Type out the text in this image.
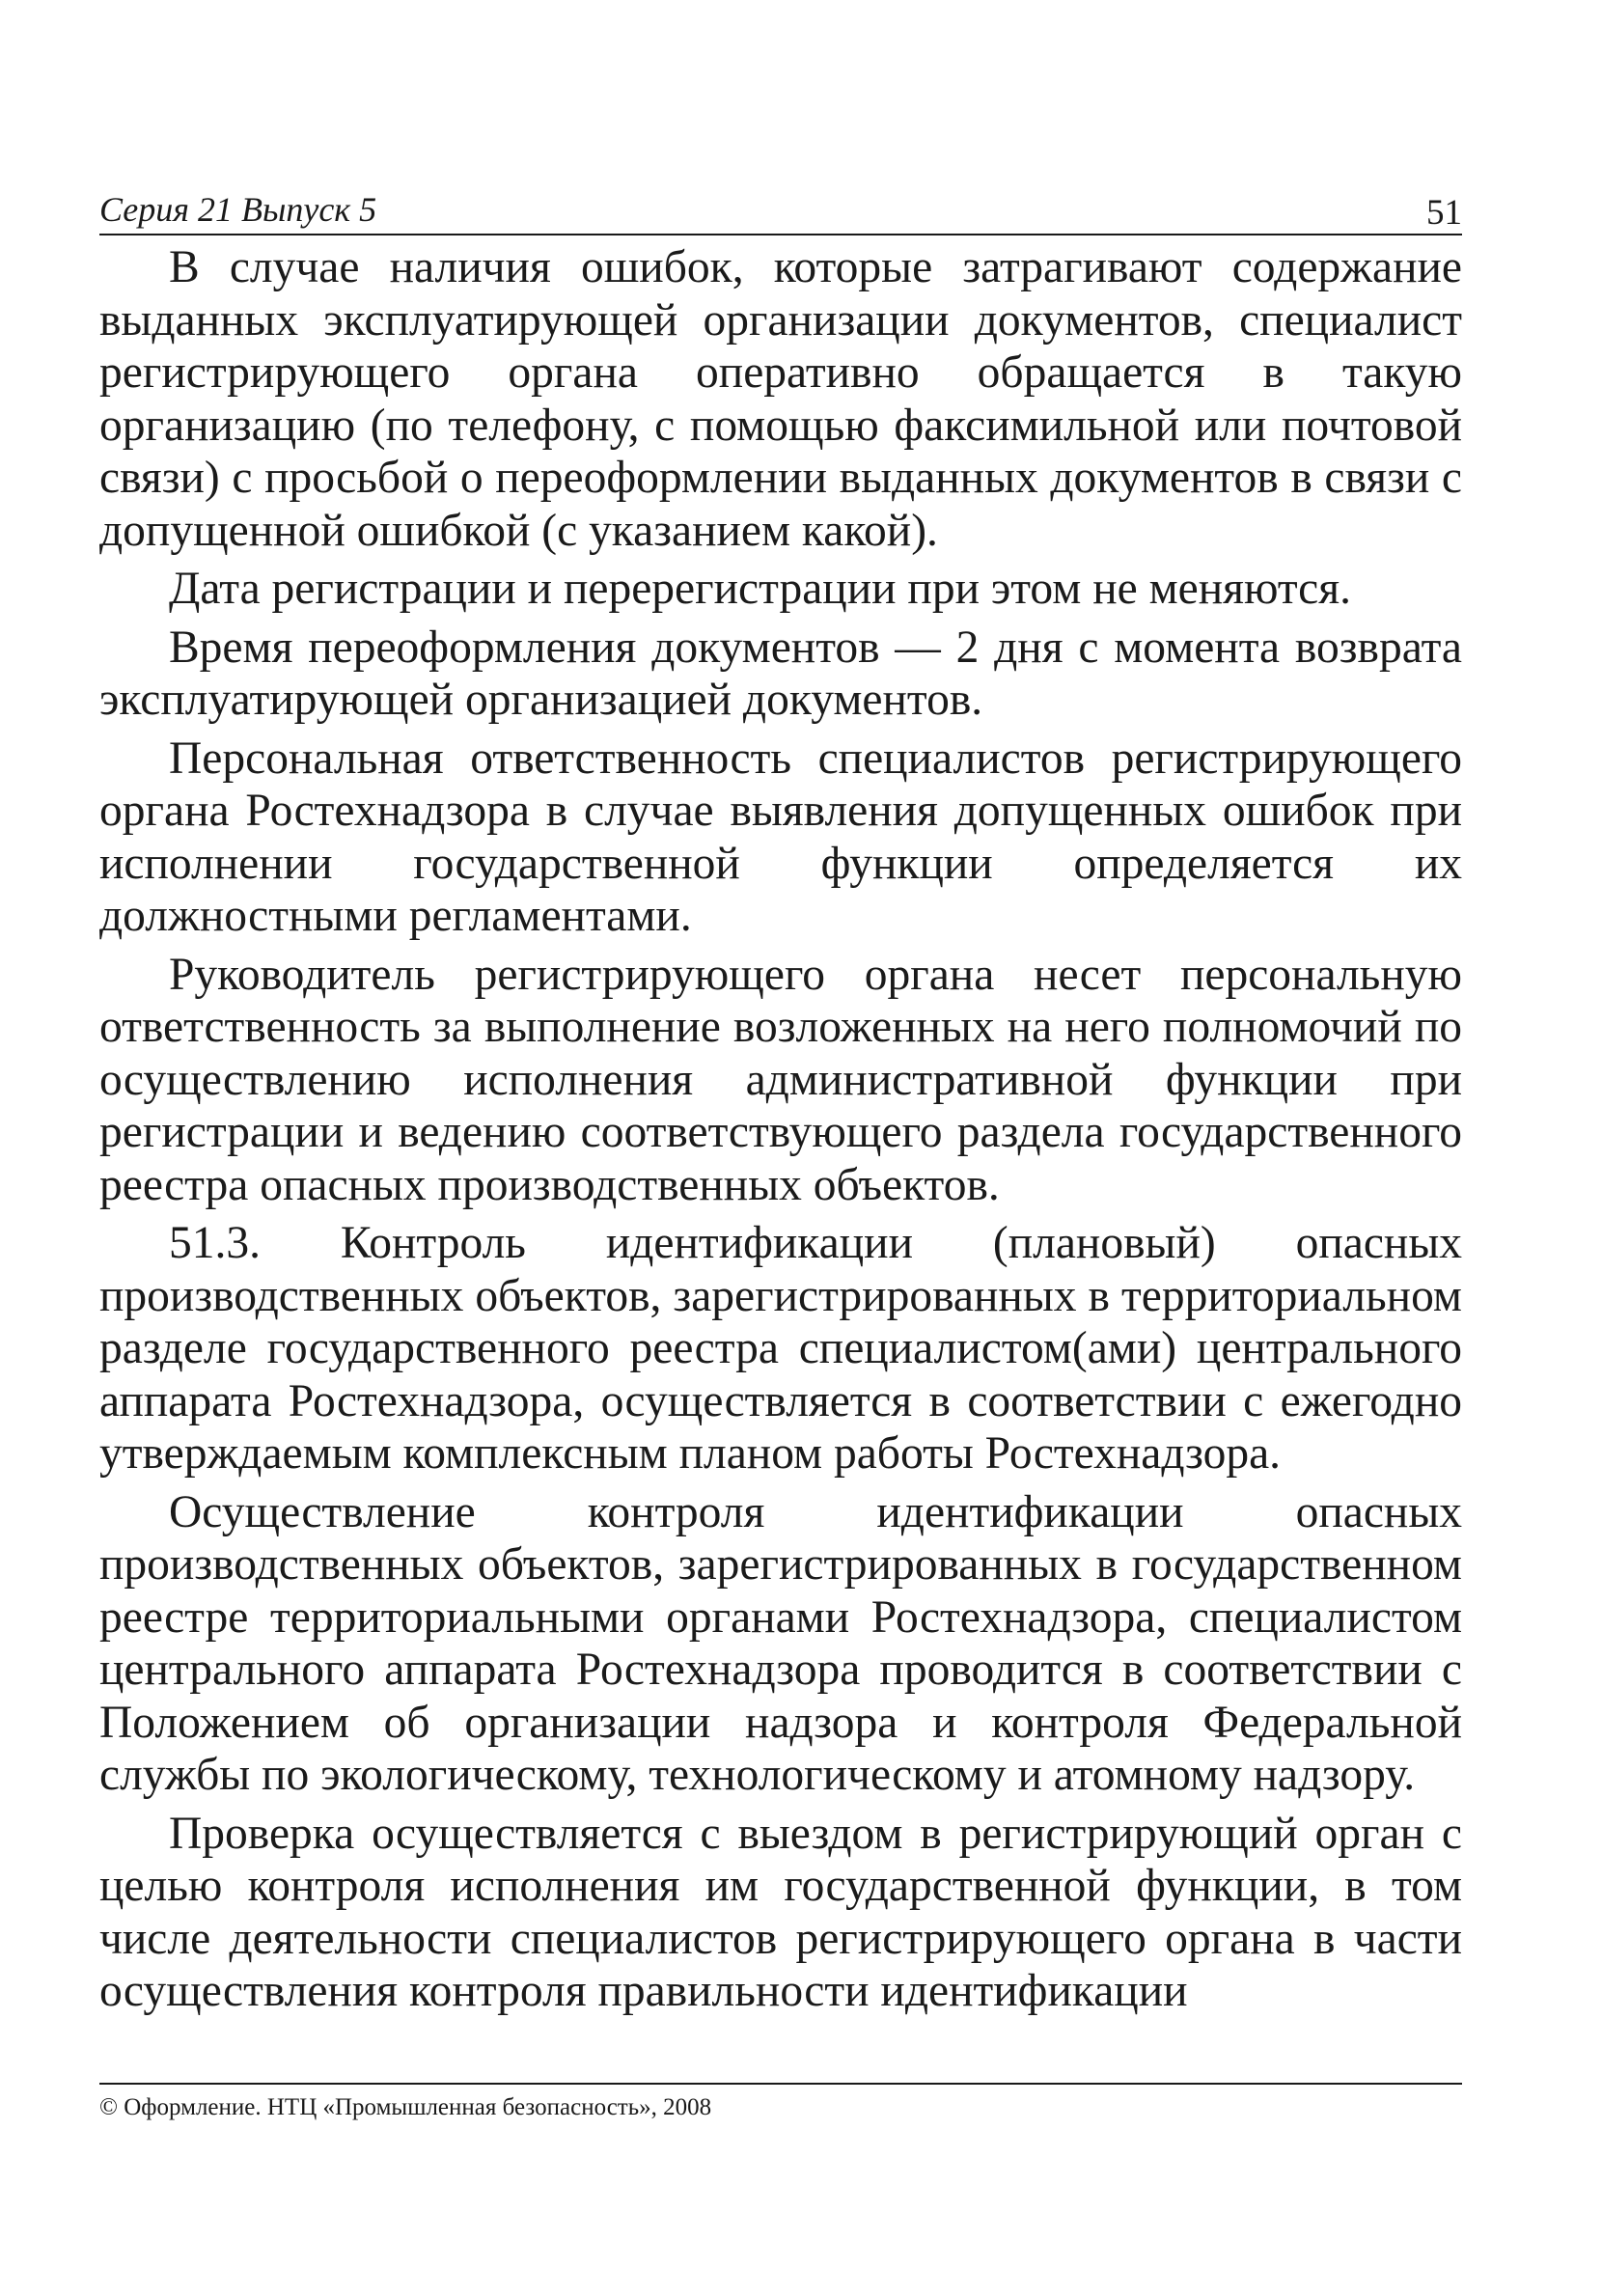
Серия 21 Выпуск 5	51

В случае наличия ошибок, которые затрагивают содержание выданных эксплуатирующей организации документов, специалист регистрирующего органа оперативно обращается в такую организацию (по телефону, с помощью факсимильной или почтовой связи) с просьбой о переоформлении выданных документов в связи с допущенной ошибкой (с указанием какой).

Дата регистрации и перерегистрации при этом не меняются.

Время переоформления документов — 2 дня с момента возврата эксплуатирующей организацией документов.

Персональная ответственность специалистов регистрирующего органа Ростехнадзора в случае выявления допущенных ошибок при исполнении государственной функции определяется их должностными регламентами.

Руководитель регистрирующего органа несет персональную ответственность за выполнение возложенных на него полномочий по осуществлению исполнения административной функции при регистрации и ведению соответствующего раздела государственного реестра опасных производственных объектов.

51.3. Контроль идентификации (плановый) опасных производственных объектов, зарегистрированных в территориальном разделе государственного реестра специалистом(ами) центрального аппарата Ростехнадзора, осуществляется в соответствии с ежегодно утверждаемым комплексным планом работы Ростехнадзора.

Осуществление контроля идентификации опасных производственных объектов, зарегистрированных в государственном реестре территориальными органами Ростехнадзора, специалистом центрального аппарата Ростехнадзора проводится в соответствии с Положением об организации надзора и контроля Федеральной службы по экологическому, технологическому и атомному надзору.

Проверка осуществляется с выездом в регистрирующий орган с целью контроля исполнения им государственной функции, в том числе деятельности специалистов регистрирующего органа в части осуществления контроля правильности идентификации

© Оформление. НТЦ «Промышленная безопасность», 2008
